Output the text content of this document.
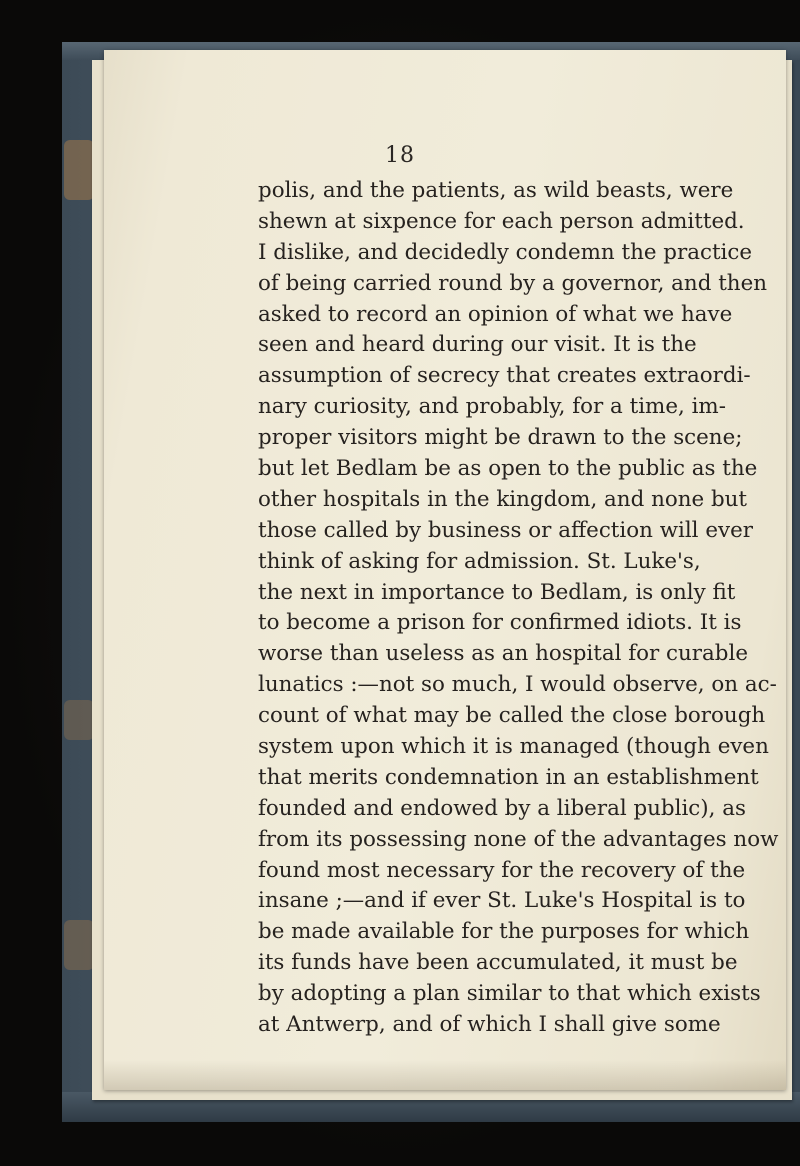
18
polis, and the patients, as wild beasts, were
shewn at sixpence for each person admitted.
I dislike, and decidedly condemn the practice
of being carried round by a governor, and then
asked to record an opinion of what we have
seen and heard during our visit. It is the
assumption of secrecy that creates extraordi-
nary curiosity, and probably, for a time, im-
proper visitors might be drawn to the scene;
but let Bedlam be as open to the public as the
other hospitals in the kingdom, and none but
those called by business or affection will ever
think of asking for admission. St. Luke's,
the next in importance to Bedlam, is only fit
to become a prison for confirmed idiots. It is
worse than useless as an hospital for curable
lunatics :—not so much, I would observe, on ac-
count of what may be called the close borough
system upon which it is managed (though even
that merits condemnation in an establishment
founded and endowed by a liberal public), as
from its possessing none of the advantages now
found most necessary for the recovery of the
insane ;—and if ever St. Luke's Hospital is to
be made available for the purposes for which
its funds have been accumulated, it must be
by adopting a plan similar to that which exists
at Antwerp, and of which I shall give some
